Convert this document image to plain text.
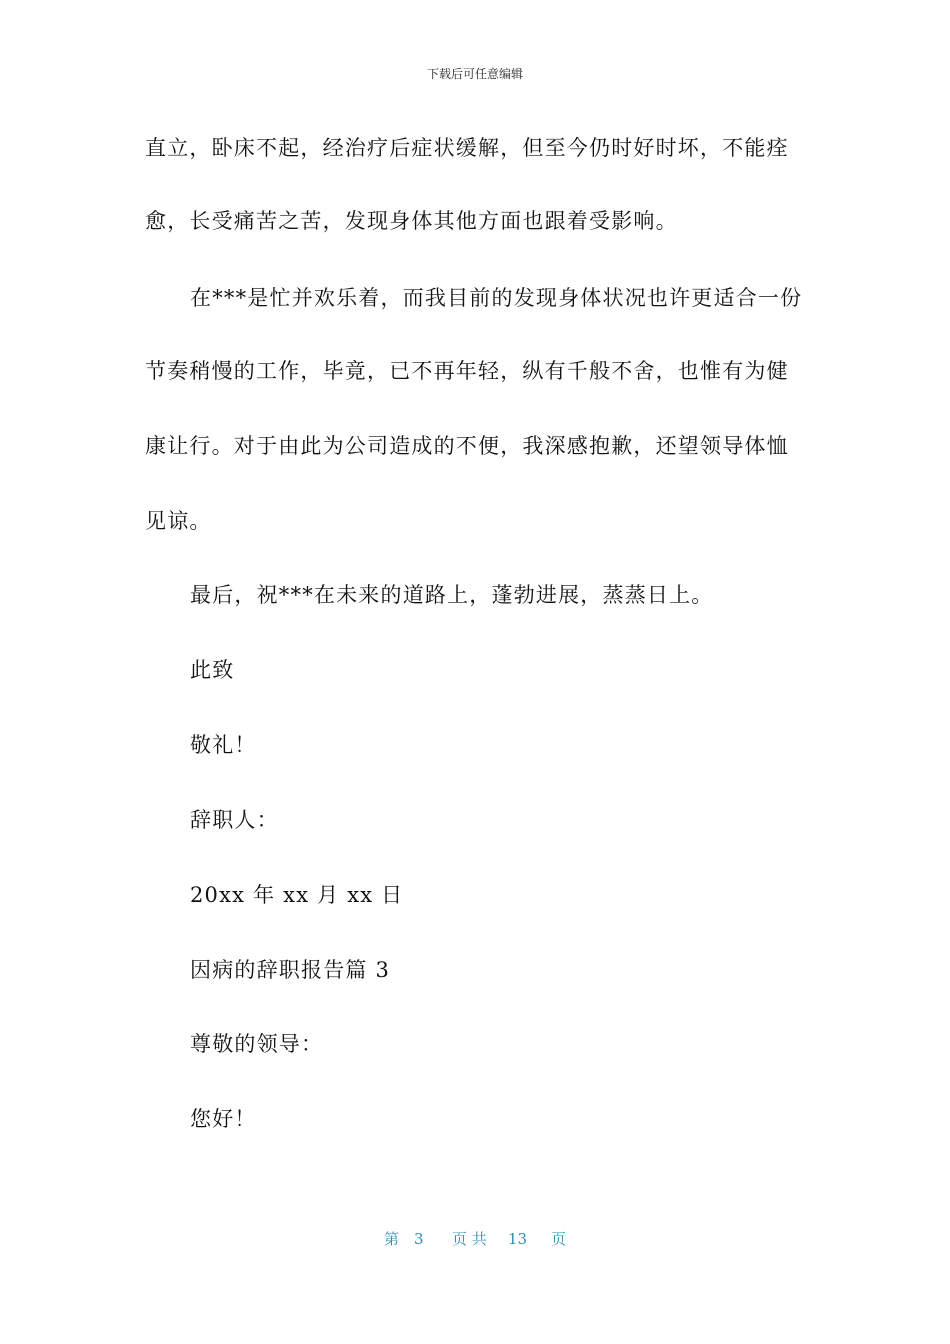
下载后可任意编辑
直立，卧床不起，经治疗后症状缓解，但至今仍时好时坏，不能痊
愈，长受痛苦之苦，发现身体其他方面也跟着受影响。
在***是忙并欢乐着，而我目前的发现身体状况也许更适合一份
节奏稍慢的工作，毕竟，已不再年轻，纵有千般不舍，也惟有为健
康让行。对于由此为公司造成的不便，我深感抱歉，还望领导体恤
见谅。
最后，祝***在未来的道路上，蓬勃进展，蒸蒸日上。
此致
敬礼！
辞职人：
20xx 年 xx 月 xx 日
因病的辞职报告篇 3
尊敬的领导：
您好！
第 3 页 共 13 页
